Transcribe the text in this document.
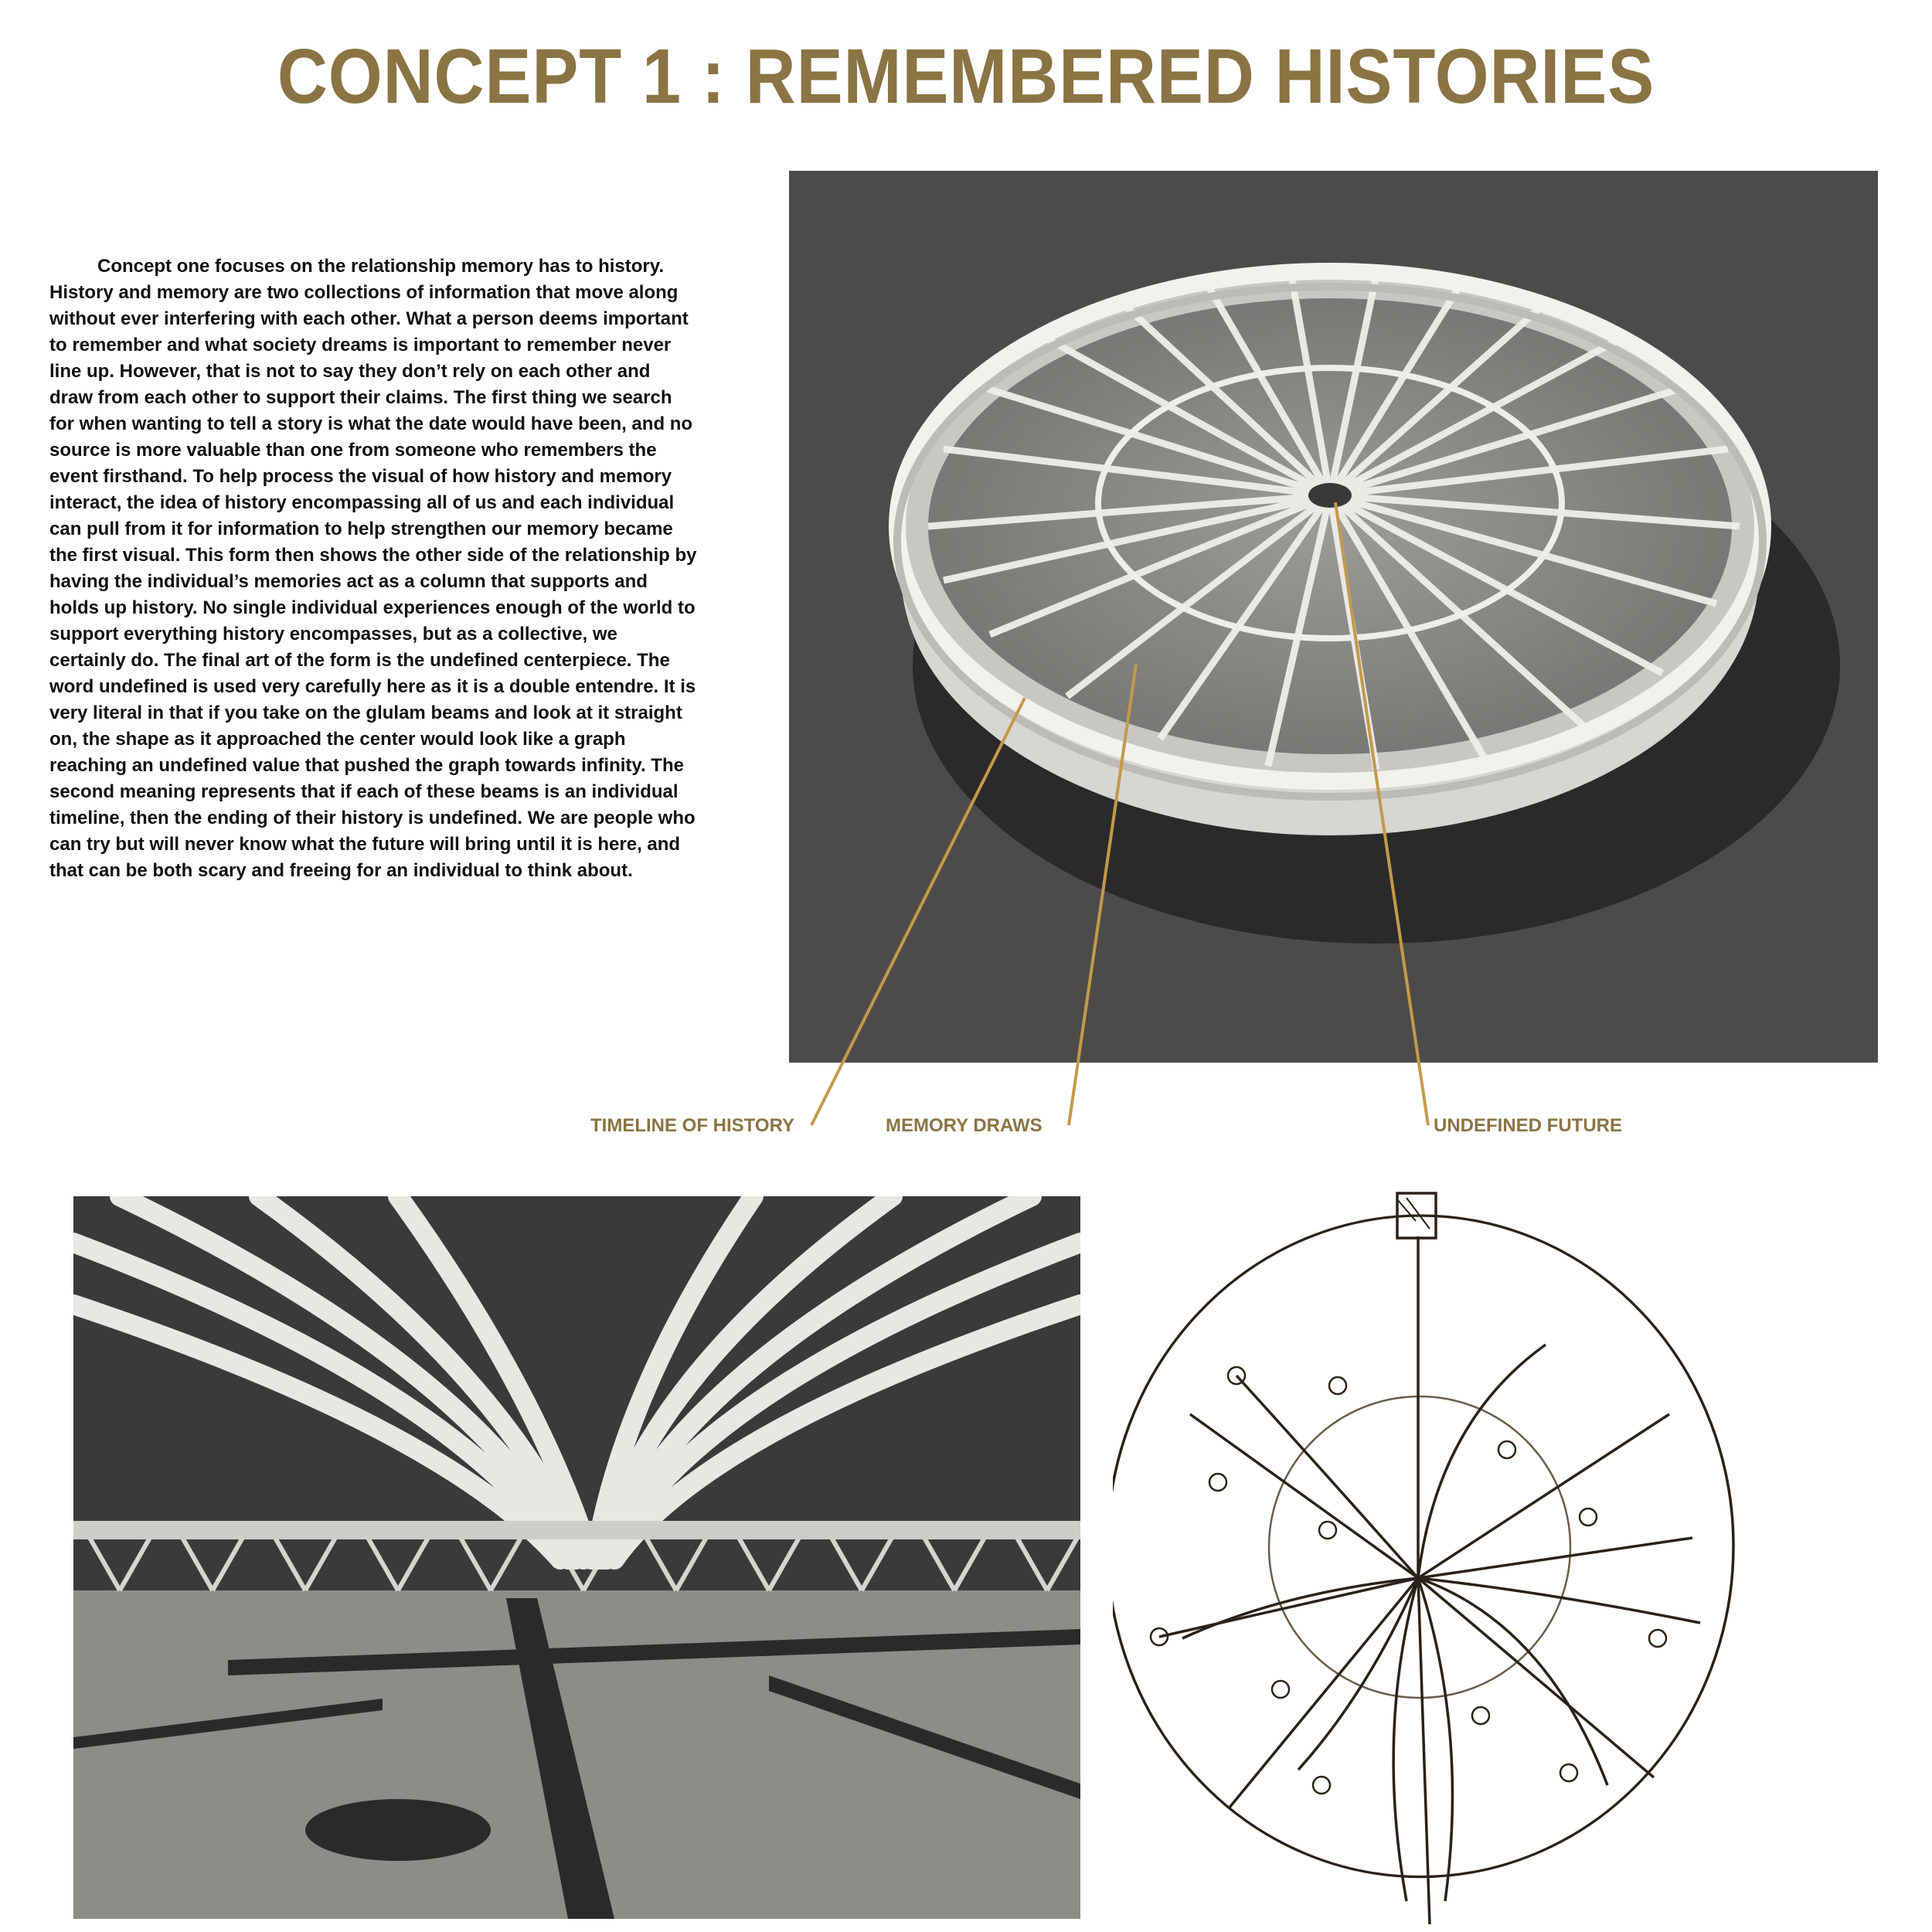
CONCEPT 1 : REMEMBERED HISTORIES

Concept one focuses on the relationship memory has to history. History and memory are two collections of information that move along without ever interfering with each other. What a person deems important to remember and what society dreams is important to remember never line up. However, that is not to say they don’t rely on each other and draw from each other to support their claims. The first thing we search for when wanting to tell a story is what the date would have been, and no source is more valuable than one from someone who remembers the event firsthand. To help process the visual of how history and memory interact, the idea of history encompassing all of us and each individual can pull from it for information to help strengthen our memory became the first visual. This form then shows the other side of the relationship by having the individual’s memories act as a column that supports and holds up history. No single individual experiences enough of the world to support everything history encompasses, but as a collective, we certainly do. The final art of the form is the undefined centerpiece. The word undefined is used very carefully here as it is a double entendre. It is very literal in that if you take on the glulam beams and look at it straight on, the shape as it approached the center would look like a graph reaching an undefined value that pushed the graph towards infinity. The second meaning represents that if each of these beams is an individual timeline, then the ending of their history is undefined. We are people who can try but will never know what the future will bring until it is here, and that can be both scary and freeing for an individual to think about.

TIMELINE OF HISTORY	MEMORY DRAWS	UNDEFINED FUTURE
